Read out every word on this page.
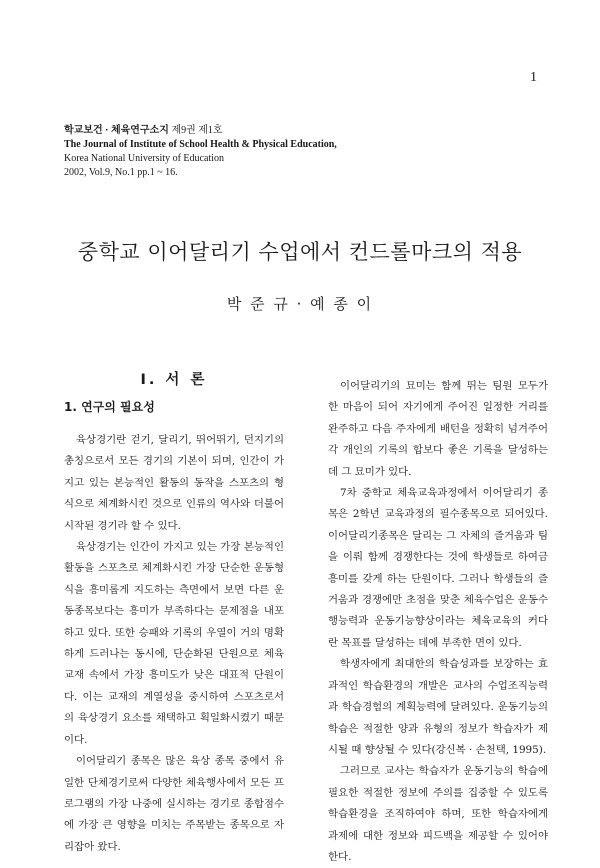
1
학교보건 · 체육연구소지 제9권 제1호
The Journal of Institute of School Health & Physical Education,
Korea National University of Education
2002, Vol.9, No.1 pp.1 ~ 16.
중학교 이어달리기 수업에서 컨드롤마크의 적용
박 준 규 · 예 종 이
I. 서 론
1. 연구의 필요성

육상경기란 걷기, 달리기, 뛰어뛰기, 던지기의 총칭으로서 모든 경기의 기본이 되며, 인간이 가지고 있는 본능적인 활동의 동작을 스포츠의 형식으로 체계화시킨 것으로 인류의 역사와 더불어 시작된 경기라 할 수 있다.

육상경기는 인간이 가지고 있는 가장 본능적인 활동을 스포츠로 체계화시킨 가장 단순한 운동형식을 흥미롭게 지도하는 측면에서 보면 다른 운동종목보다는 흥미가 부족하다는 문제점을 내포하고 있다. 또한 승패와 기록의 우열이 거의 명확하게 드러나는 동시에, 단순화된 단원으로 체육교재 속에서 가장 흥미도가 낮은 대표적 단원이다. 이는 교재의 계열성을 중시하여 스포츠로서의 육상경기 요소를 채택하고 획일화시켰기 때문이다.

이어달리기 종목은 많은 육상 종목 중에서 유일한 단체경기로써 다양한 체육행사에서 모든 프로그램의 가장 나중에 실시하는 경기로 종합점수에 가장 큰 영향을 미치는 주목받는 종목으로 자리잡아 왔다.

이어달리기의 묘미는 함께 뛰는 팀원 모두가 한 마음이 되어 자기에게 주어진 일정한 거리를 완주하고 다음 주자에게 배턴을 정확히 넘겨주어 각 개인의 기록의 합보다 좋은 기록을 달성하는 데 그 묘미가 있다.

7차 중학교 체육교육과정에서 이어달리기 종목은 2학년 교육과정의 필수종목으로 되어있다. 이어달리기종목은 달리는 그 자체의 즐거움과 팀을 이뤄 함께 경쟁한다는 것에 학생들로 하여금 흥미를 갖게 하는 단원이다. 그러나 학생들의 즐거움과 경쟁에만 초점을 맞춘 체육수업은 운동수행능력과 운동기능향상이라는 체육교육의 커다란 목표를 달성하는 데에 부족한 면이 있다.

학생자에게 최대한의 학습성과를 보장하는 효과적인 학습환경의 개발은 교사의 수업조직능력과 학습경험의 계획능력에 달려있다. 운동기능의 학습은 적절한 양과 유형의 정보가 학습자가 제시될 때 향상될 수 있다(강신복 · 손천택, 1995).

그러므로 교사는 학습자가 운동기능의 학습에 필요한 적절한 정보에 주의를 집중할 수 있도록 학습환경을 조직하여야 하며, 또한 학습자에게 과제에 대한 정보와 피드백을 제공할 수 있어야 한다.
